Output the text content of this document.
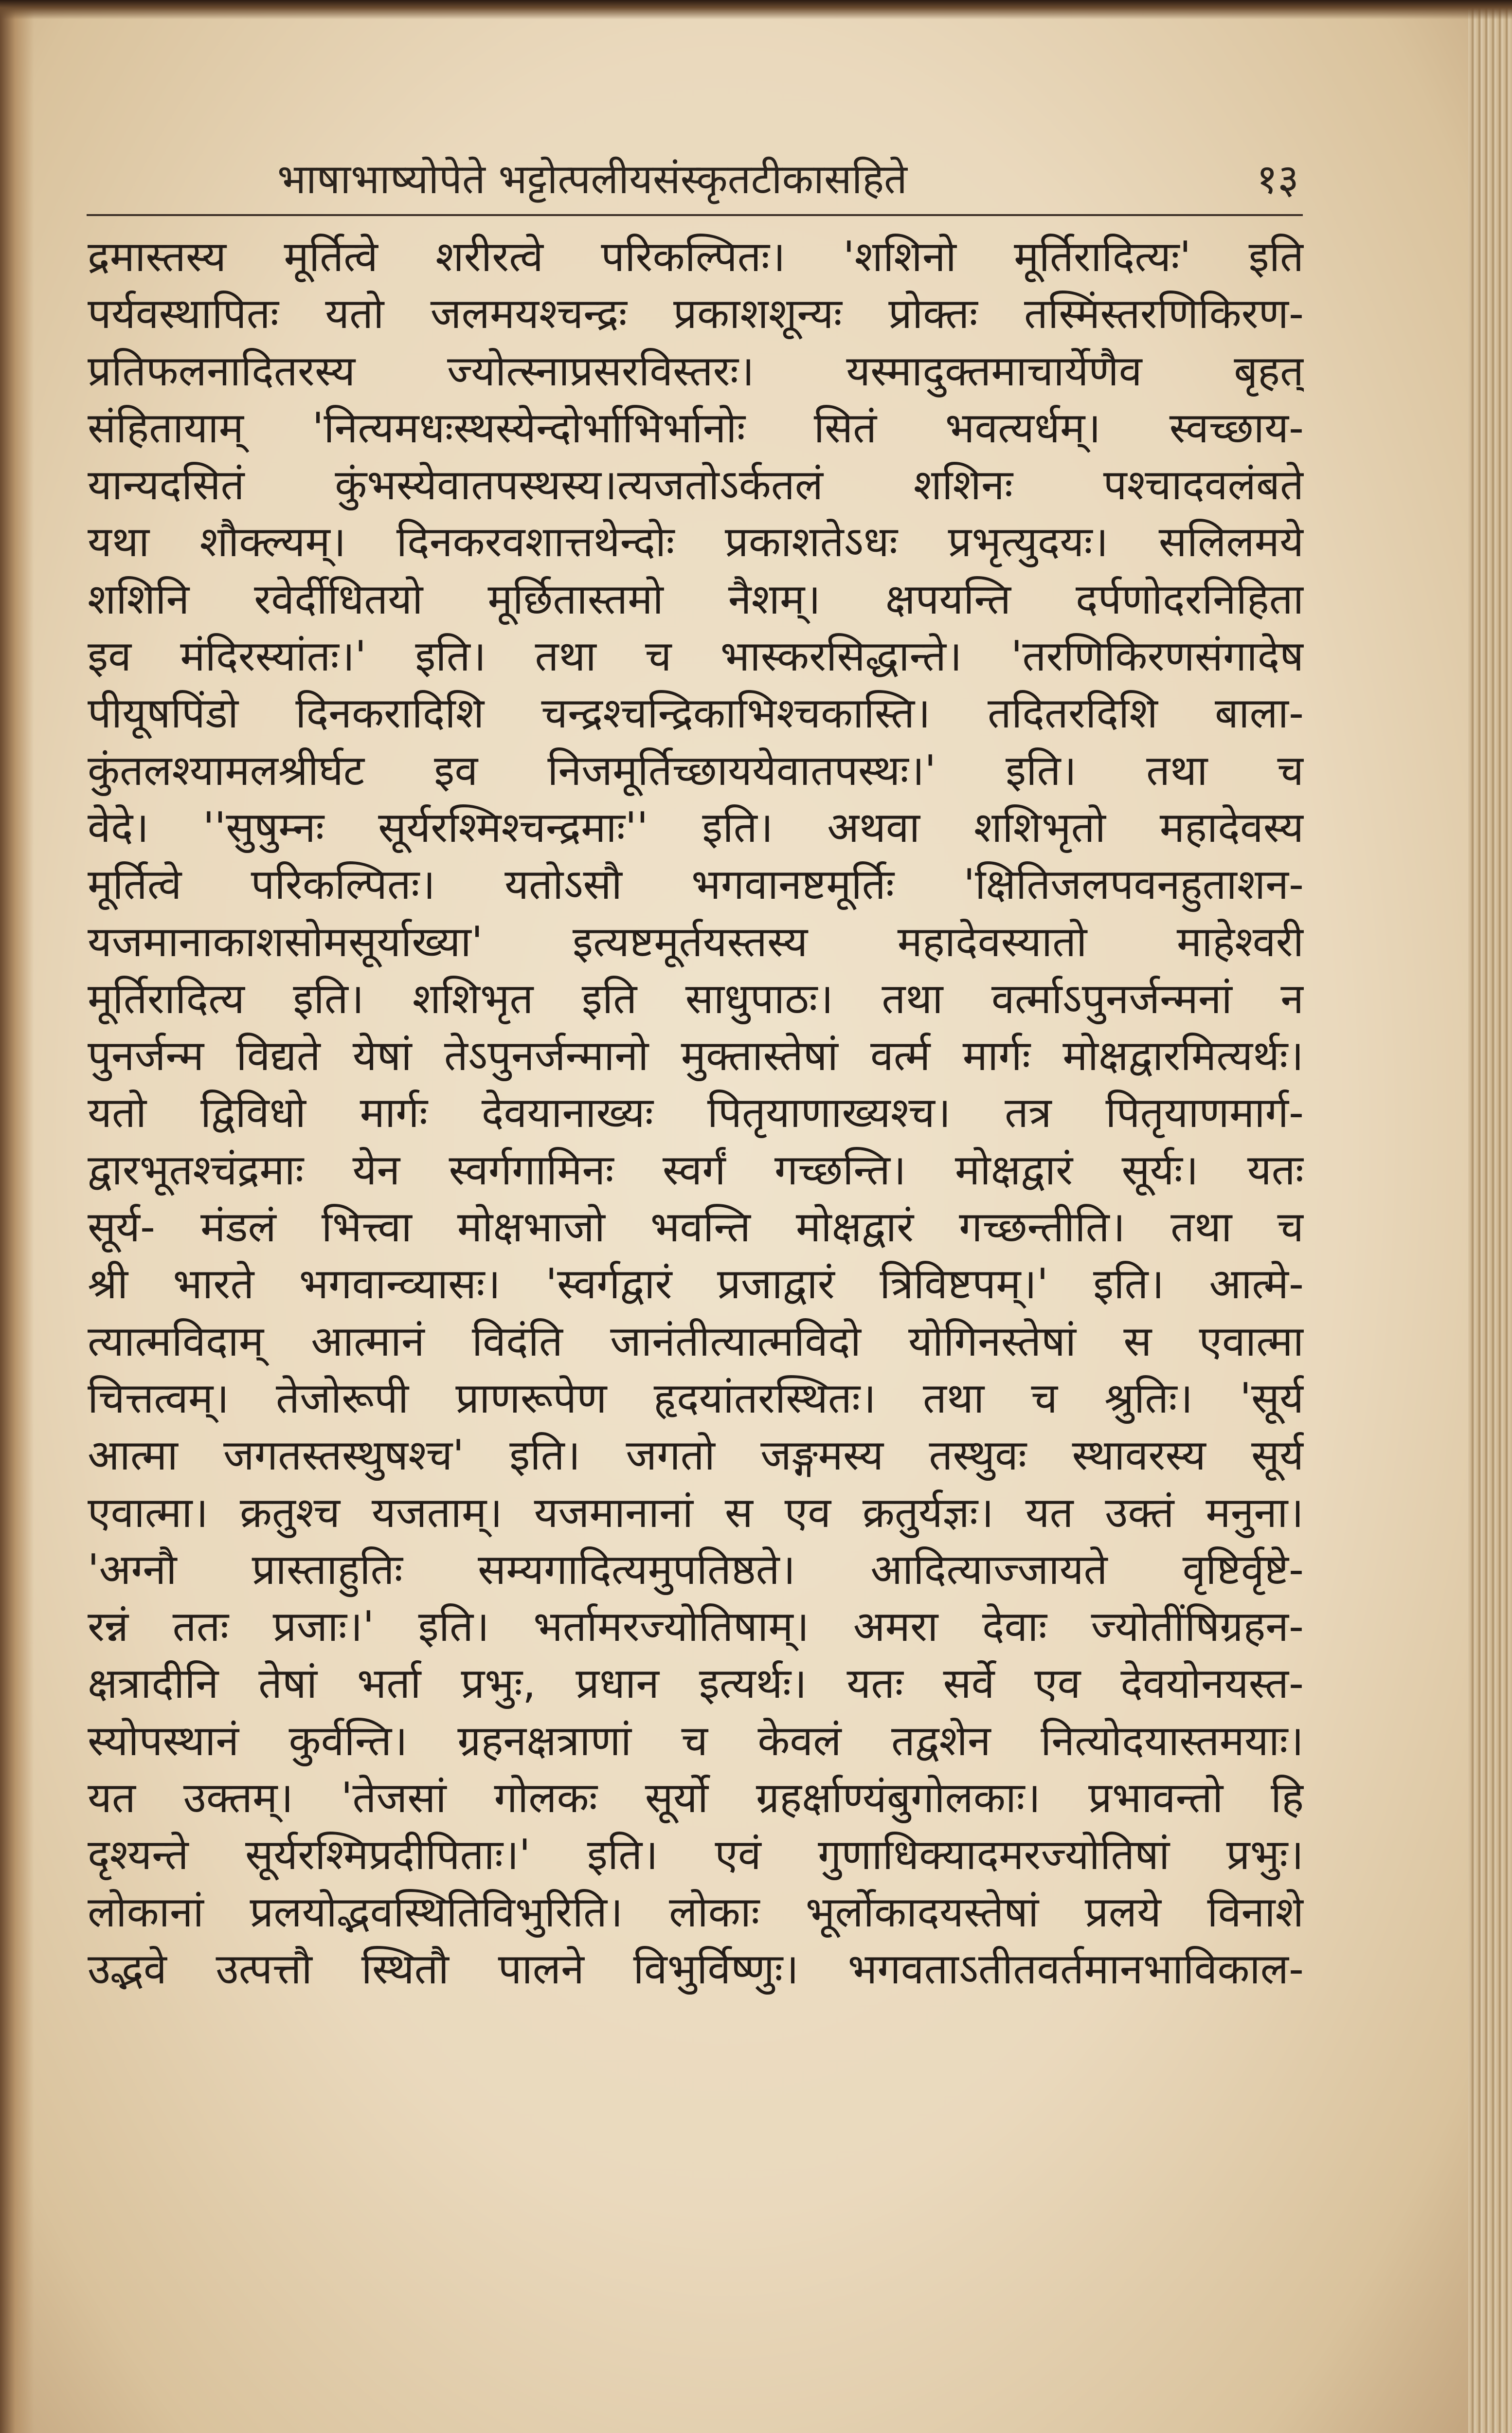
भाषाभाष्योपेते भट्टोत्पलीयसंस्कृतटीकासहिते	१३
द्रमास्तस्य मूर्तित्वे शरीरत्वे परिकल्पितः। 'शशिनो मूर्तिरादित्यः' इति
पर्यवस्थापितः यतो जलमयश्चन्द्रः प्रकाशशून्यः प्रोक्तः तस्मिंस्तरणिकिरण-
प्रतिफलनादितरस्य ज्योत्स्नाप्रसरविस्तरः। यस्मादुक्तमाचार्येणैव बृहत्
संहितायाम् 'नित्यमधःस्थस्येन्दोर्भाभिर्भानोः सितं भवत्यर्धम्। स्वच्छाय-
यान्यदसितं कुंभस्येवातपस्थस्य।त्यजतोऽर्कतलं शशिनः पश्चादवलंबते
यथा शौक्ल्यम्। दिनकरवशात्तथेन्दोः प्रकाशतेऽधः प्रभृत्युदयः। सलिलमये
शशिनि रवेर्दीधितयो मूर्छितास्तमो नैशम्। क्षपयन्ति दर्पणोदरनिहिता
इव मंदिरस्यांतः।' इति। तथा च भास्करसिद्धान्ते। 'तरणिकिरणसंगादेष
पीयूषपिंडो दिनकरादिशि चन्द्रश्चन्द्रिकाभिश्चकास्ति। तदितरदिशि बाला-
कुंतलश्यामलश्रीर्घट इव निजमूर्तिच्छाययेवातपस्थः।' इति। तथा च
वेदे। ''सुषुम्नः सूर्यरश्मिश्चन्द्रमाः'' इति। अथवा शशिभृतो महादेवस्य
मूर्तित्वे परिकल्पितः। यतोऽसौ भगवानष्टमूर्तिः 'क्षितिजलपवनहुताशन-
यजमानाकाशसोमसूर्याख्या' इत्यष्टमूर्तयस्तस्य महादेवस्यातो माहेश्वरी
मूर्तिरादित्य इति। शशिभृत इति साधुपाठः। तथा वर्त्माऽपुनर्जन्मनां न
पुनर्जन्म विद्यते येषां तेऽपुनर्जन्मानो मुक्तास्तेषां वर्त्म मार्गः मोक्षद्वारमित्यर्थः।
यतो द्विविधो मार्गः देवयानाख्यः पितृयाणाख्यश्च। तत्र पितृयाणमार्ग-
द्वारभूतश्चंद्रमाः येन स्वर्गगामिनः स्वर्गं गच्छन्ति। मोक्षद्वारं सूर्यः। यतः
सूर्य- मंडलं भित्त्वा मोक्षभाजो भवन्ति मोक्षद्वारं गच्छन्तीति। तथा च
श्री भारते भगवान्व्यासः। 'स्वर्गद्वारं प्रजाद्वारं त्रिविष्टपम्।' इति। आत्मे-
त्यात्मविदाम् आत्मानं विदंति जानंतीत्यात्मविदो योगिनस्तेषां स एवात्मा
चित्तत्वम्। तेजोरूपी प्राणरूपेण हृदयांतरस्थितः। तथा च श्रुतिः। 'सूर्य
आत्मा जगतस्तस्थुषश्च' इति। जगतो जङ्गमस्य तस्थुवः स्थावरस्य सूर्य
एवात्मा। क्रतुश्च यजताम्। यजमानानां स एव क्रतुर्यज्ञः। यत उक्तं मनुना।
'अग्नौ प्रास्ताहुतिः सम्यगादित्यमुपतिष्ठते। आदित्याज्जायते वृष्टिर्वृष्टे-
रन्नं ततः प्रजाः।' इति। भर्तामरज्योतिषाम्। अमरा देवाः ज्योतींषिग्रहन-
क्षत्रादीनि तेषां भर्ता प्रभुः, प्रधान इत्यर्थः। यतः सर्वे एव देवयोनयस्त-
स्योपस्थानं कुर्वन्ति। ग्रहनक्षत्राणां च केवलं तद्वशेन नित्योदयास्तमयाः।
यत उक्तम्। 'तेजसां गोलकः सूर्यो ग्रहर्क्षाण्यंबुगोलकाः। प्रभावन्तो हि
दृश्यन्ते सूर्यरश्मिप्रदीपिताः।' इति। एवं गुणाधिक्यादमरज्योतिषां प्रभुः।
लोकानां प्रलयोद्भवस्थितिविभुरिति। लोकाः भूर्लोकादयस्तेषां प्रलये विनाशे
उद्भवे उत्पत्तौ स्थितौ पालने विभुर्विष्णुः। भगवताऽतीतवर्तमानभाविकाल-
